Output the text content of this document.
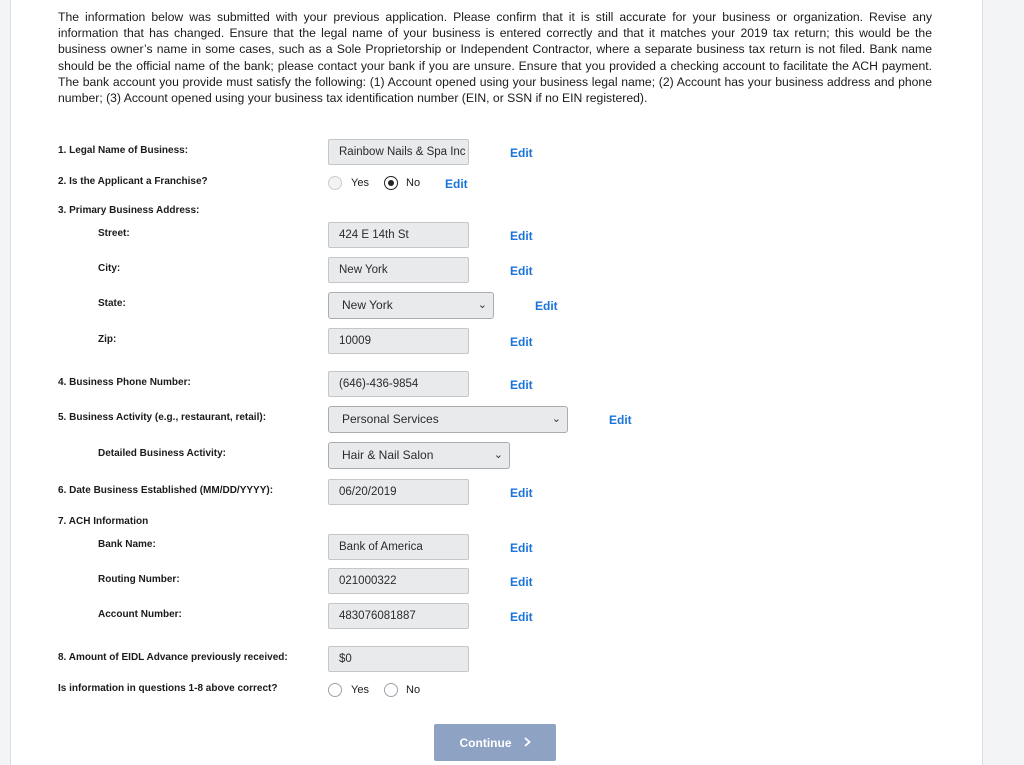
The information below was submitted with your previous application. Please confirm that it is still accurate for your business or organization. Revise any information that has changed. Ensure that the legal name of your business is entered correctly and that it matches your 2019 tax return; this would be the business owner’s name in some cases, such as a Sole Proprietorship or Independent Contractor, where a separate business tax return is not filed. Bank name should be the official name of the bank; please contact your bank if you are unsure. Ensure that you provided a checking account to facilitate the ACH payment. The bank account you provide must satisfy the following: (1) Account opened using your business legal name; (2) Account has your business address and phone number; (3) Account opened using your business tax identification number (EIN, or SSN if no EIN registered).

1. Legal Name of Business:	Rainbow Nails & Spa Inc	Edit
2. Is the Applicant a Franchise?	Yes	No Edit
3. Primary Business Address:
Street:	424 E 14th St	Edit
City:	New York	Edit
State:	New York	⌄	Edit
Zip:	10009	Edit
4. Business Phone Number:	(646)-436-9854	Edit
5. Business Activity (e.g., restaurant, retail):	Personal Services	⌄	Edit
Detailed Business Activity:	Hair & Nail Salon	⌄
6. Date Business Established (MM/DD/YYYY):	06/20/2019	Edit
7. ACH Information
Bank Name:	Bank of America	Edit
Routing Number:	021000322	Edit
Account Number:	483076081887	Edit
8. Amount of EIDL Advance previously received:	$0
Is information in questions 1-8 above correct?	Yes	No
Continue
